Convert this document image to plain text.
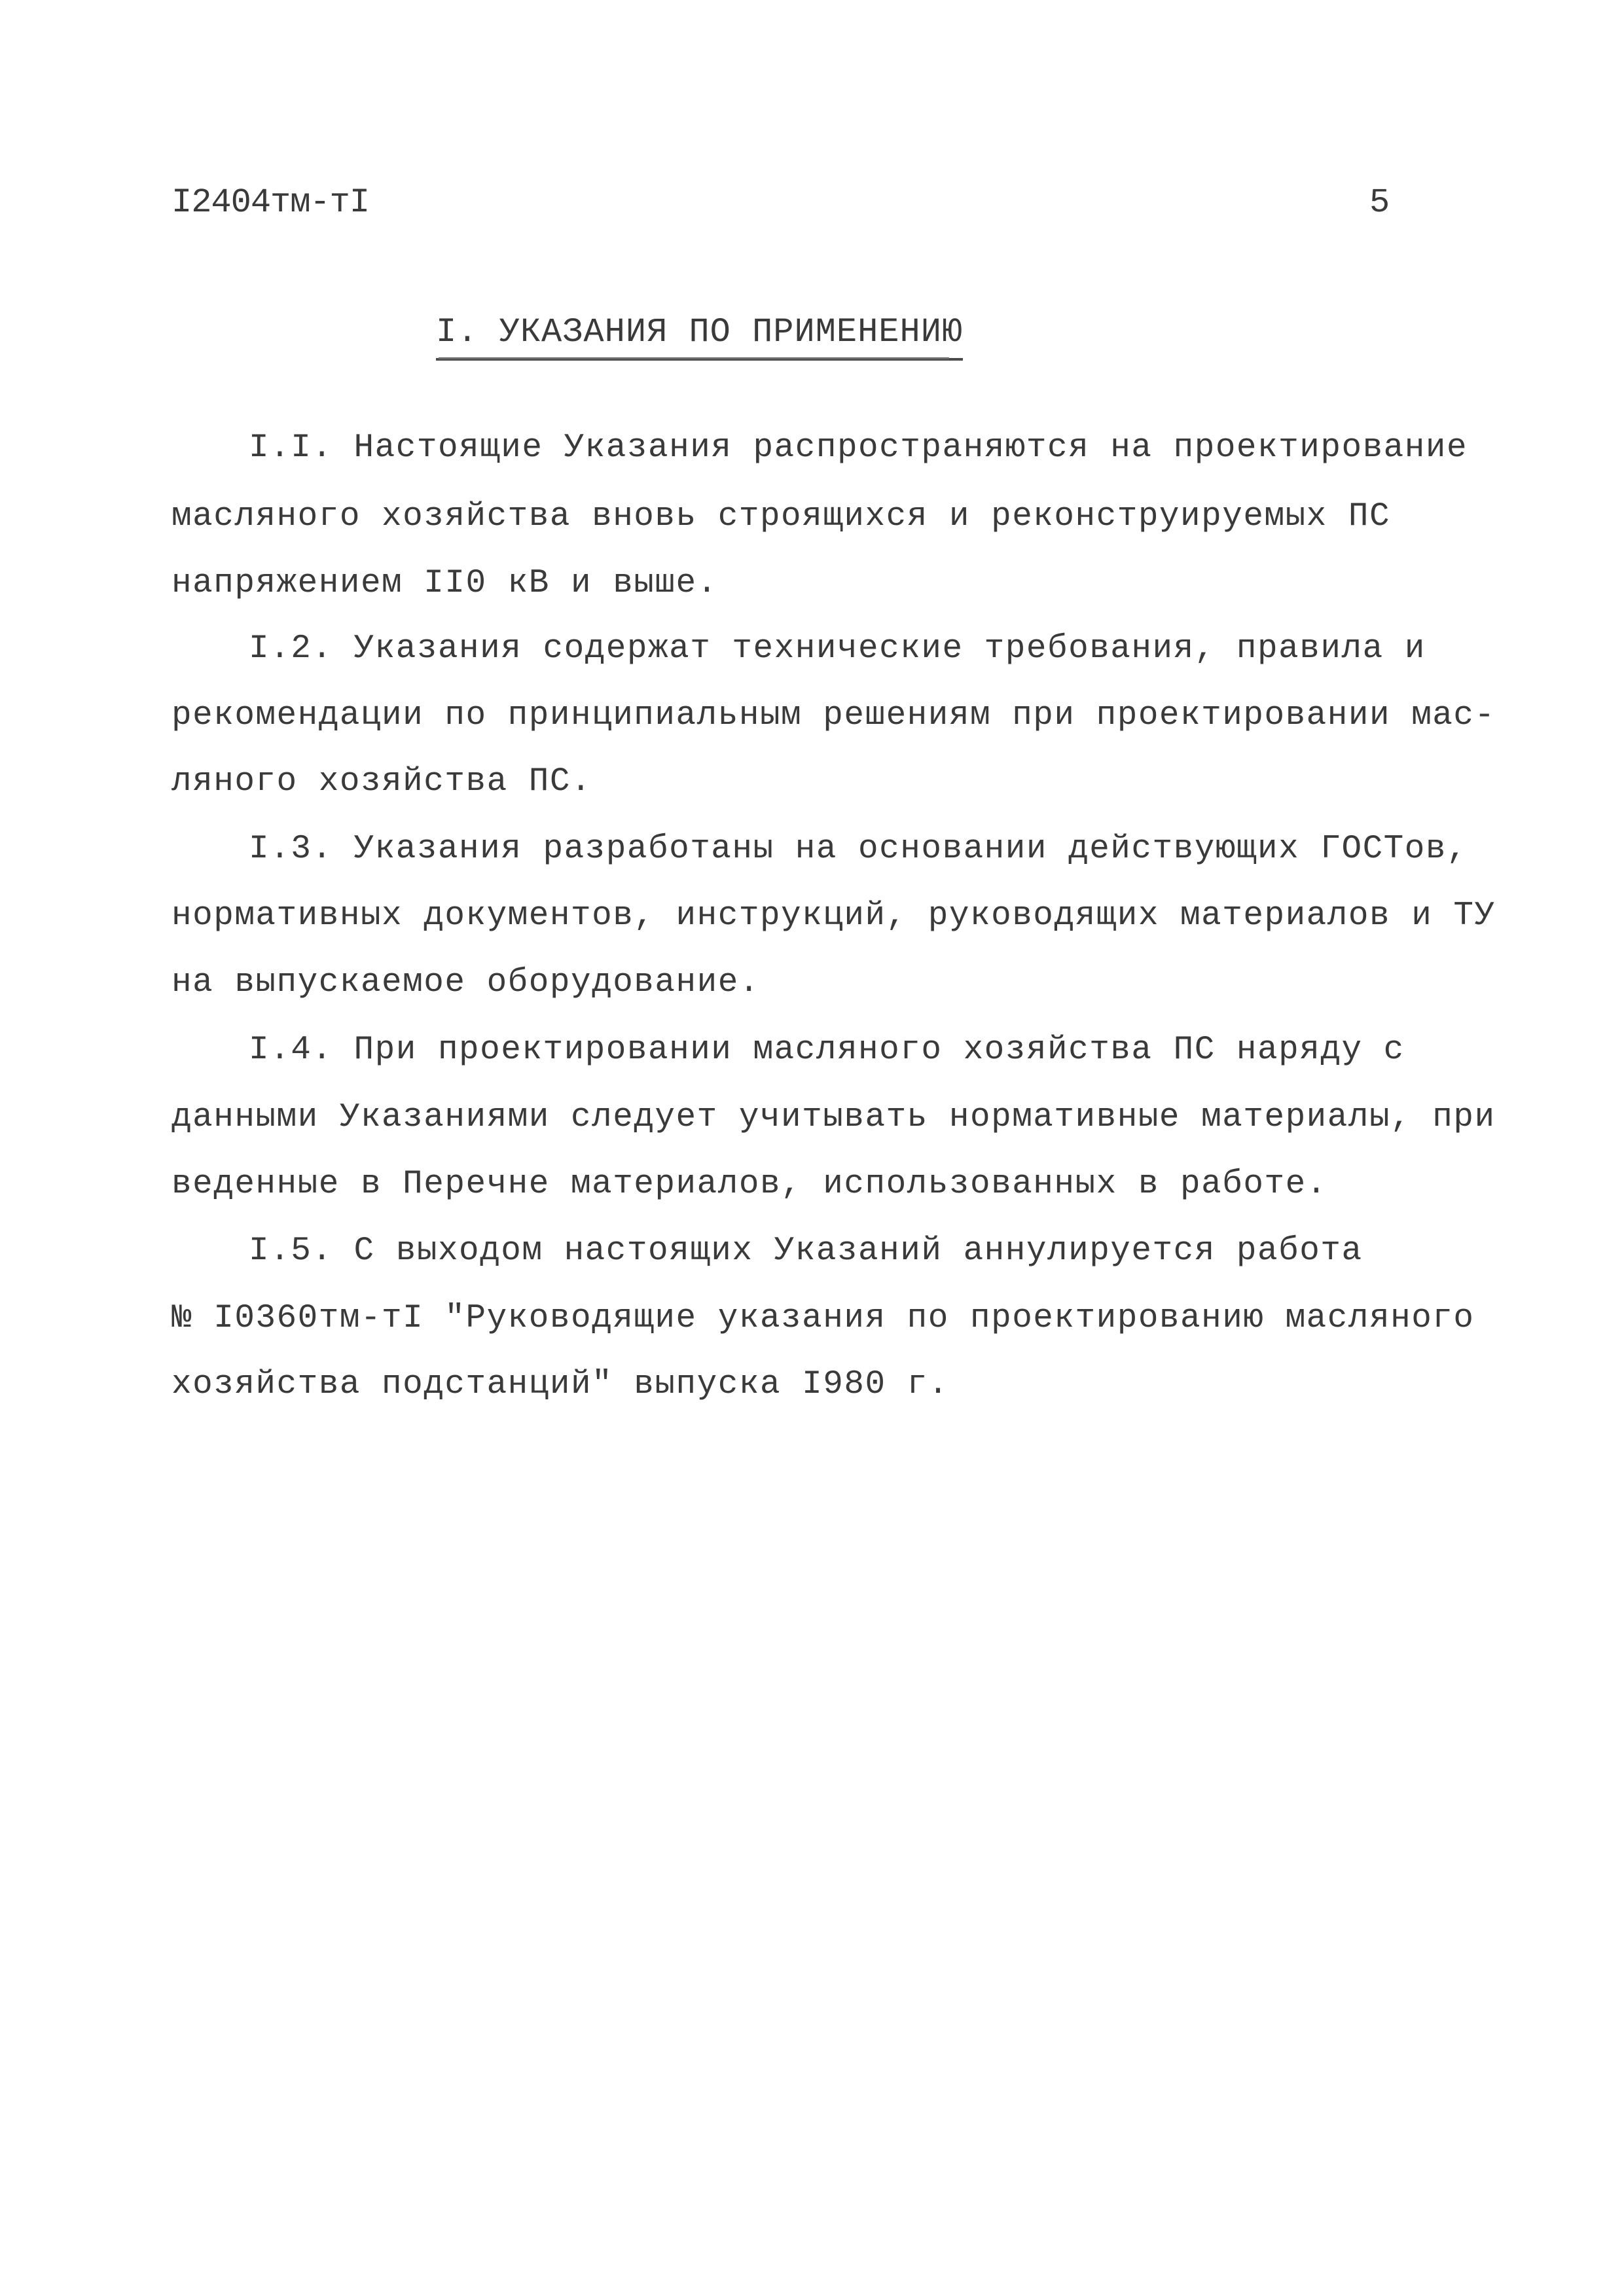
I2404тм-тI	5
I. УКАЗАНИЯ ПО ПРИМЕНЕНИЮ
I.I. Настоящие Указания распространяются на проектирование
масляного хозяйства вновь строящихся и реконструируемых ПС
напряжением II0 кВ и выше.
I.2. Указания содержат технические требования, правила и
рекомендации по принципиальным решениям при проектировании мас-
ляного хозяйства ПС.
I.3. Указания разработаны на основании действующих ГОСТов,
нормативных документов, инструкций, руководящих материалов и ТУ
на выпускаемое оборудование.
I.4. При проектировании масляного хозяйства ПС наряду с
данными Указаниями следует учитывать нормативные материалы, при
веденные в Перечне материалов, использованных в работе.
I.5. С выходом настоящих Указаний аннулируется работа
№ I0360тм-тI "Руководящие указания по проектированию масляного
хозяйства подстанций" выпуска I980 г.
